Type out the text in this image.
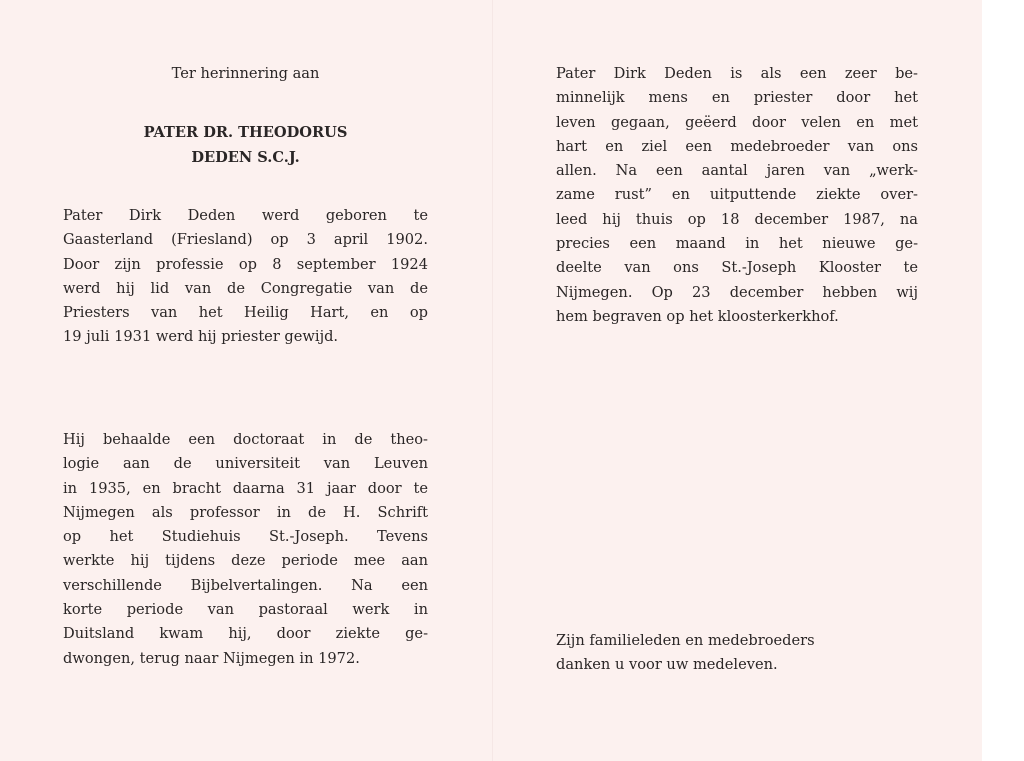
Ter herinnering aan
PATER DR. THEODORUS
DEDEN S.C.J.
Pater Dirk Deden werd geboren te
Gaasterland (Friesland) op 3 april 1902.
Door zijn professie op 8 september 1924
werd hij lid van de Congregatie van de
Priesters van het Heilig Hart, en op
19 juli 1931 werd hij priester gewijd.
Hij behaalde een doctoraat in de theo-
logie aan de universiteit van Leuven
in 1935, en bracht daarna 31 jaar door te
Nijmegen als professor in de H. Schrift
op het Studiehuis St.-Joseph. Tevens
werkte hij tijdens deze periode mee aan
verschillende Bijbelvertalingen. Na een
korte periode van pastoraal werk in
Duitsland kwam hij, door ziekte ge-
dwongen, terug naar Nijmegen in 1972.
Pater Dirk Deden is als een zeer be-
minnelijk mens en priester door het
leven gegaan, geëerd door velen en met
hart en ziel een medebroeder van ons
allen. Na een aantal jaren van „werk-
zame rust” en uitputtende ziekte over-
leed hij thuis op 18 december 1987, na
precies een maand in het nieuwe ge-
deelte van ons St.-Joseph Klooster te
Nijmegen. Op 23 december hebben wij
hem begraven op het kloosterkerkhof.
Zijn familieleden en medebroeders
danken u voor uw medeleven.
